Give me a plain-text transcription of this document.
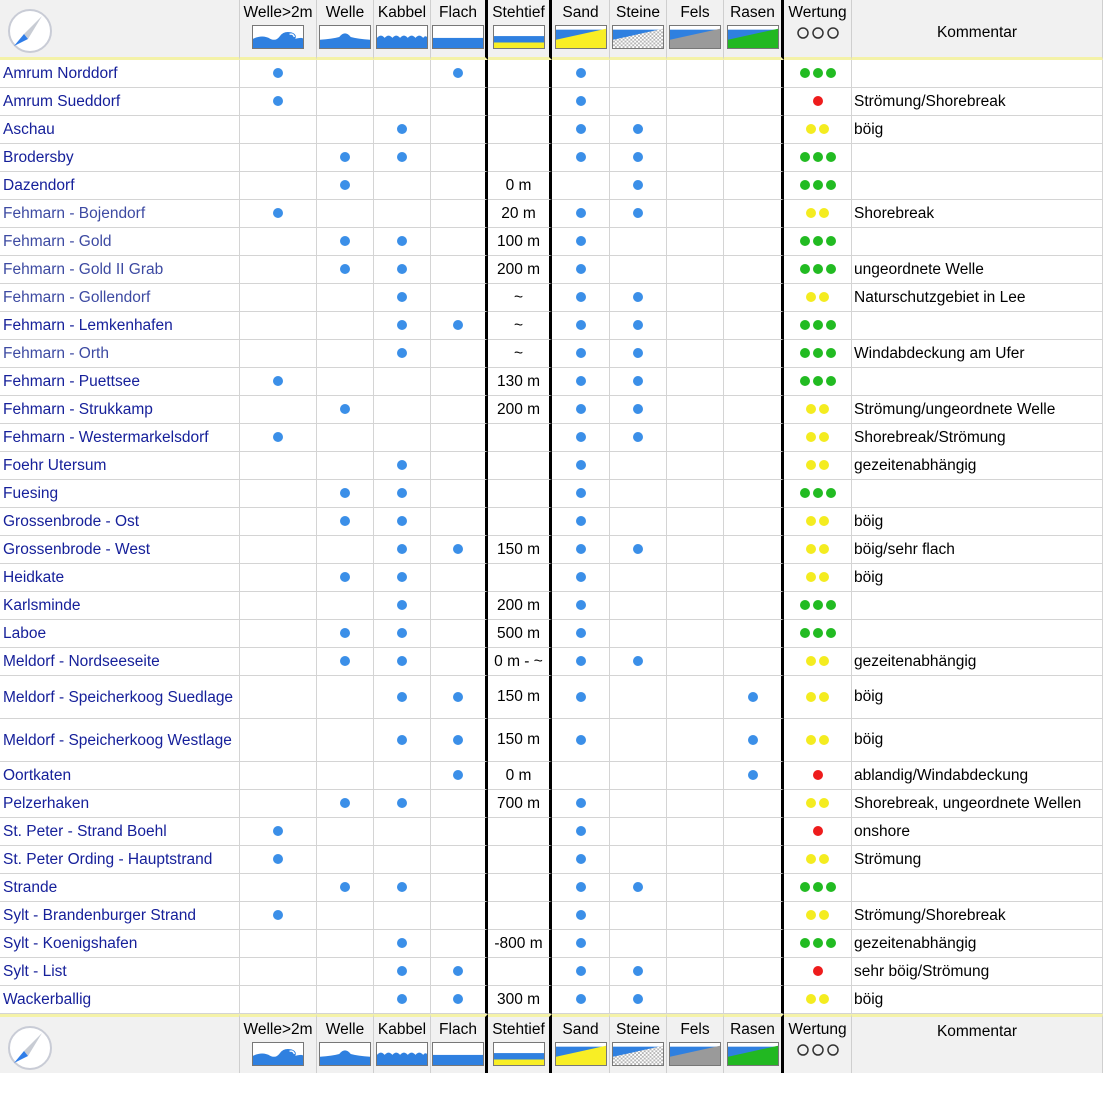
Welle>2m	Welle	Kabbel	Flach	Stehtief	Sand	Steine	Fels	Rasen	Wertung	Kommentar

Amrum Norddorf											
Amrum Sueddorf											Strömung/Shorebreak
Aschau											böig
Brodersby											
Dazendorf					0 m						
Fehmarn - Bojendorf					20 m						Shorebreak
Fehmarn - Gold					100 m						
Fehmarn - Gold II Grab					200 m						ungeordnete Welle
Fehmarn - Gollendorf					~						Naturschutzgebiet in Lee
Fehmarn - Lemkenhafen					~						
Fehmarn - Orth					~						Windabdeckung am Ufer
Fehmarn - Puettsee					130 m						
Fehmarn - Strukkamp					200 m						Strömung/ungeordnete Welle
Fehmarn - Westermarkelsdorf											Shorebreak/Strömung
Foehr Utersum											gezeitenabhängig
Fuesing											
Grossenbrode - Ost											böig
Grossenbrode - West					150 m						böig/sehr flach
Heidkate											böig
Karlsminde					200 m						
Laboe					500 m						
Meldorf - Nordseeseite					0 m - ~						gezeitenabhängig
Meldorf - Speicherkoog Suedlage					150 m						böig
Meldorf - Speicherkoog Westlage					150 m						böig
Oortkaten					0 m						ablandig/Windabdeckung
Pelzerhaken					700 m						Shorebreak, ungeordnete Wellen
St. Peter - Strand Boehl											onshore
St. Peter Ording - Hauptstrand											Strömung
Strande											
Sylt - Brandenburger Strand											Strömung/Shorebreak
Sylt - Koenigshafen					-800 m						gezeitenabhängig
Sylt - List											sehr böig/Strömung
Wackerballig					300 m						böig

Welle>2m	Welle	Kabbel	Flach	Stehtief	Sand	Steine	Fels	Rasen	Wertung	Kommentar
